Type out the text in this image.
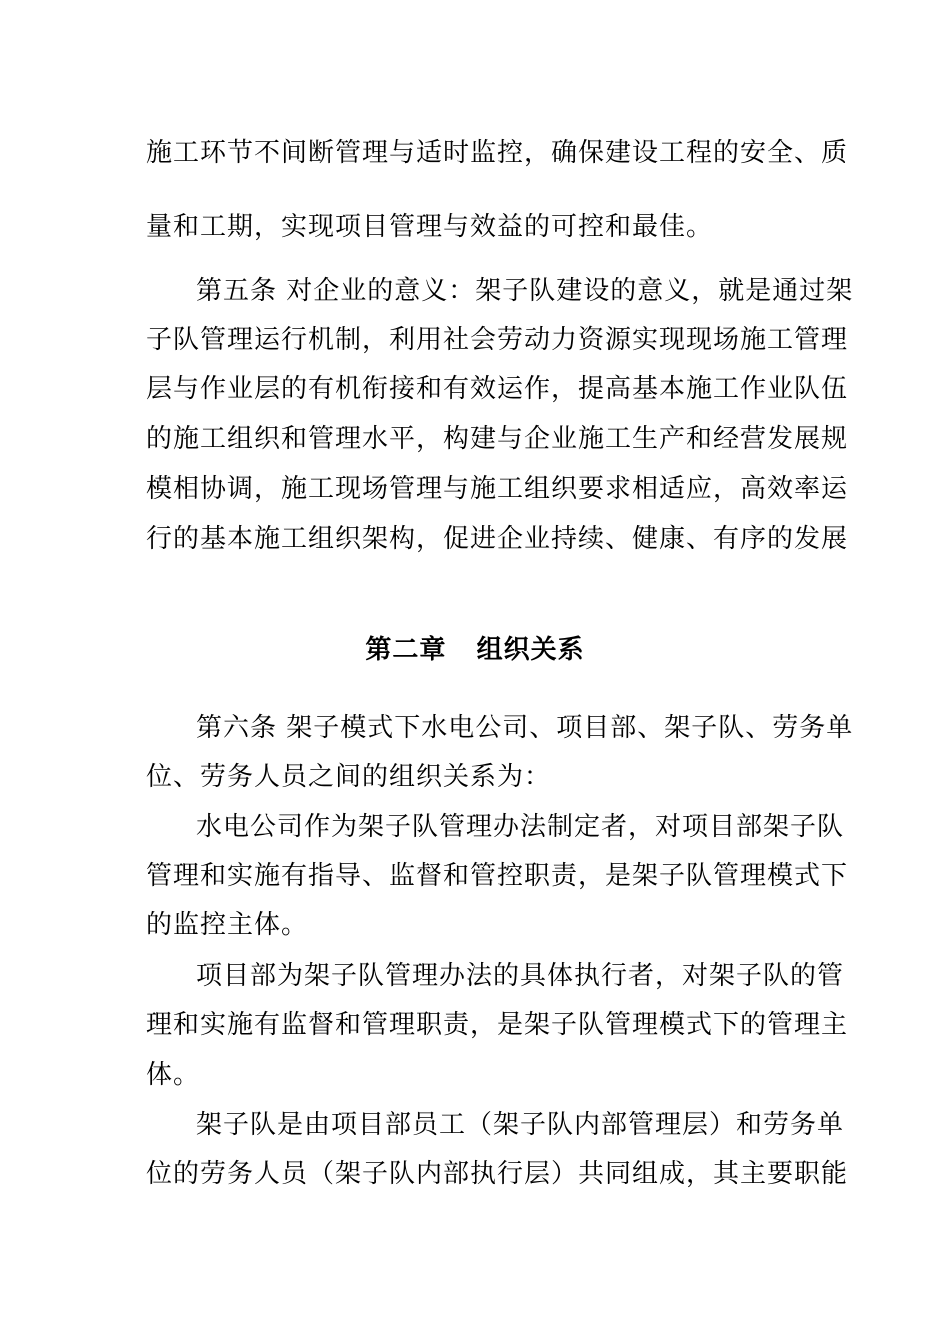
施工环节不间断管理与适时监控，确保建设工程的安全、质
量和工期，实现项目管理与效益的可控和最佳。
第五条 对企业的意义：架子队建设的意义，就是通过架
子队管理运行机制，利用社会劳动力资源实现现场施工管理
层与作业层的有机衔接和有效运作，提高基本施工作业队伍
的施工组织和管理水平，构建与企业施工生产和经营发展规
模相协调，施工现场管理与施工组织要求相适应，高效率运
行的基本施工组织架构，促进企业持续、健康、有序的发展
第二章   组织关系
第六条 架子模式下水电公司、项目部、架子队、劳务单
位、劳务人员之间的组织关系为：
水电公司作为架子队管理办法制定者，对项目部架子队
管理和实施有指导、监督和管控职责，是架子队管理模式下
的监控主体。
项目部为架子队管理办法的具体执行者，对架子队的管
理和实施有监督和管理职责，是架子队管理模式下的管理主
体。
架子队是由项目部员工（架子队内部管理层）和劳务单
位的劳务人员（架子队内部执行层）共同组成，其主要职能
